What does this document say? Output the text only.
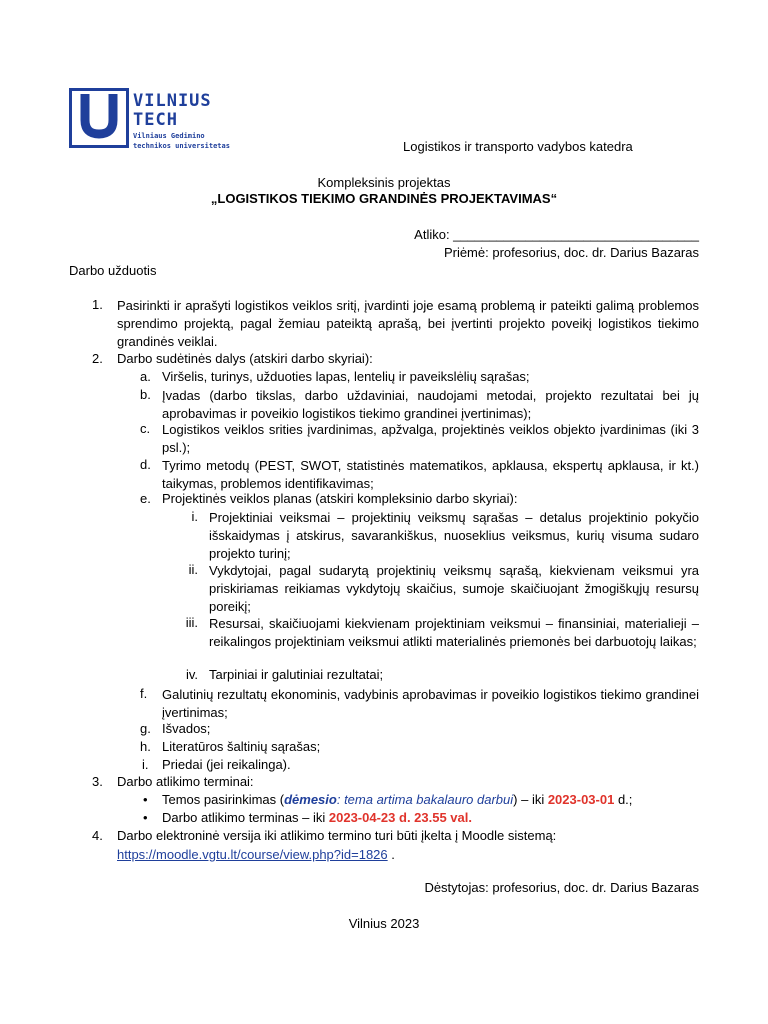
VILNIUS
TECH
Vilniaus Gedimino
technikos universitetas	Logistikos ir transporto vadybos katedra
Kompleksinis projektas
„LOGISTIKOS TIEKIMO GRANDINĖS PROJEKTAVIMAS“
Atliko: __________________________________
Priėmė: profesorius, doc. dr. Darius Bazaras
Darbo užduotis
1. Pasirinkti ir aprašyti logistikos veiklos sritį, įvardinti joje esamą problemą ir pateikti galimą problemos sprendimo projektą, pagal žemiau pateiktą aprašą, bei įvertinti projekto poveikį logistikos tiekimo grandinės veiklai.
2. Darbo sudėtinės dalys (atskiri darbo skyriai):
a. Viršelis, turinys, užduoties lapas, lentelių ir paveikslėlių sąrašas;
b. Įvadas (darbo tikslas, darbo uždaviniai, naudojami metodai, projekto rezultatai bei jų aprobavimas ir poveikio logistikos tiekimo grandinei įvertinimas);
c. Logistikos veiklos srities įvardinimas, apžvalga, projektinės veiklos objekto įvardinimas (iki 3 psl.);
d. Tyrimo metodų (PEST, SWOT, statistinės matematikos, apklausa, ekspertų apklausa, ir kt.) taikymas, problemos identifikavimas;
e. Projektinės veiklos planas (atskiri kompleksinio darbo skyriai):
i. Projektiniai veiksmai – projektinių veiksmų sąrašas – detalus projektinio pokyčio išskaidymas į atskirus, savarankiškus, nuoseklius veiksmus, kurių visuma sudaro projekto turinį;
ii. Vykdytojai, pagal sudarytą projektinių veiksmų sąrašą, kiekvienam veiksmui yra priskiriamas reikiamas vykdytojų skaičius, sumoje skaičiuojant žmogiškųjų resursų poreikį;
iii. Resursai, skaičiuojami kiekvienam projektiniam veiksmui – finansiniai, materialieji – reikalingos projektiniam veiksmui atlikti materialinės priemonės bei darbuotojų laikas;
iv. Tarpiniai ir galutiniai rezultatai;
f. Galutinių rezultatų ekonominis, vadybinis aprobavimas ir poveikio logistikos tiekimo grandinei įvertinimas;
g. Išvados;
h. Literatūros šaltinių sąrašas;
i. Priedai (jei reikalinga).
3. Darbo atlikimo terminai:
• Temos pasirinkimas (dėmesio: tema artima bakalauro darbui) – iki 2023-03-01 d.;
• Darbo atlikimo terminas – iki 2023-04-23 d. 23.55 val.
4. Darbo elektroninė versija iki atlikimo termino turi būti įkelta į Moodle sistemą:
https://moodle.vgtu.lt/course/view.php?id=1826 .
Dėstytojas: profesorius, doc. dr. Darius Bazaras
Vilnius 2023
